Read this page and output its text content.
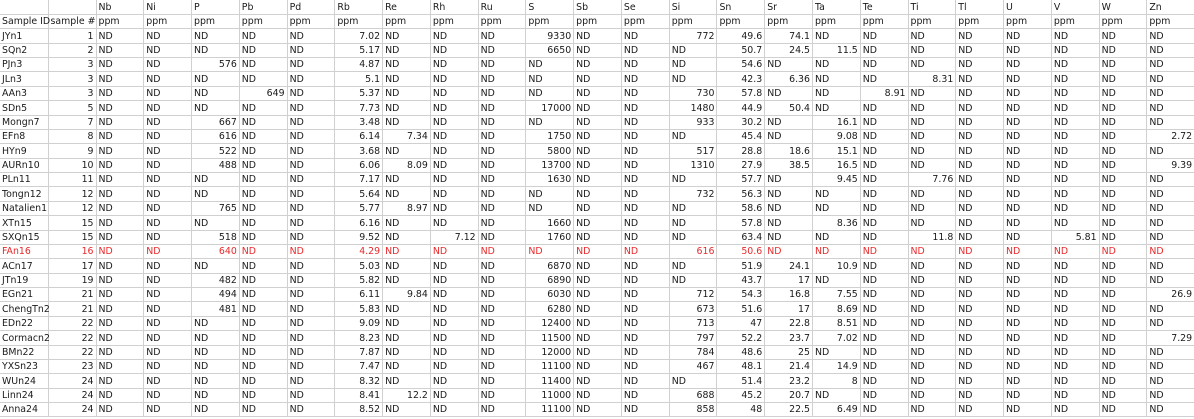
		Nb	Ni	P	Pb	Pd	Rb	Re	Rh	Ru	S	Sb	Se	Si	Sn	Sr	Ta	Te	Ti	Tl	U	V	W	Zn
Sample ID	sample #	ppm	ppm	ppm	ppm	ppm	ppm	ppm	ppm	ppm	ppm	ppm	ppm	ppm	ppm	ppm	ppm	ppm	ppm	ppm	ppm	ppm	ppm	ppm
JYn1	1	ND	ND	ND	ND	ND	7.02	ND	ND	ND	9330	ND	ND	772	49.6	74.1	ND	ND	ND	ND	ND	ND	ND	ND
SQn2	2	ND	ND	ND	ND	ND	5.17	ND	ND	ND	6650	ND	ND	ND	50.7	24.5	11.5	ND	ND	ND	ND	ND	ND	ND
PJn3	3	ND	ND	576	ND	ND	4.87	ND	ND	ND	ND	ND	ND	ND	54.6	ND	ND	ND	ND	ND	ND	ND	ND	ND
JLn3	3	ND	ND	ND	ND	ND	5.1	ND	ND	ND	ND	ND	ND	ND	42.3	6.36	ND	ND	8.31	ND	ND	ND	ND	ND
AAn3	3	ND	ND	ND	649	ND	5.37	ND	ND	ND	ND	ND	ND	730	57.8	ND	ND	8.91	ND	ND	ND	ND	ND	ND
SDn5	5	ND	ND	ND	ND	ND	7.73	ND	ND	ND	17000	ND	ND	1480	44.9	50.4	ND	ND	ND	ND	ND	ND	ND	ND
Mongn7	7	ND	ND	667	ND	ND	3.48	ND	ND	ND	ND	ND	ND	933	30.2	ND	16.1	ND	ND	ND	ND	ND	ND	ND
EFn8	8	ND	ND	616	ND	ND	6.14	7.34	ND	ND	1750	ND	ND	ND	45.4	ND	9.08	ND	ND	ND	ND	ND	ND	2.72
HYn9	9	ND	ND	522	ND	ND	3.68	ND	ND	ND	5800	ND	ND	517	28.8	18.6	15.1	ND	ND	ND	ND	ND	ND	ND
AURn10	10	ND	ND	488	ND	ND	6.06	8.09	ND	ND	13700	ND	ND	1310	27.9	38.5	16.5	ND	ND	ND	ND	ND	ND	9.39
PLn11	11	ND	ND	ND	ND	ND	7.17	ND	ND	ND	1630	ND	ND	ND	57.7	ND	9.45	ND	7.76	ND	ND	ND	ND	ND
Tongn12	12	ND	ND	ND	ND	ND	5.64	ND	ND	ND	ND	ND	ND	732	56.3	ND	ND	ND	ND	ND	ND	ND	ND	ND
Natalien1	12	ND	ND	765	ND	ND	5.77	8.97	ND	ND	ND	ND	ND	ND	58.6	ND	ND	ND	ND	ND	ND	ND	ND	ND
XTn15	15	ND	ND	ND	ND	ND	6.16	ND	ND	ND	1660	ND	ND	ND	57.8	ND	8.36	ND	ND	ND	ND	ND	ND	ND
SXQn15	15	ND	ND	518	ND	ND	9.52	ND	7.12	ND	1760	ND	ND	ND	63.4	ND	ND	ND	11.8	ND	ND	5.81	ND	ND
FAn16	16	ND	ND	640	ND	ND	4.29	ND	ND	ND	ND	ND	ND	616	50.6	ND	ND	ND	ND	ND	ND	ND	ND	ND
ACn17	17	ND	ND	ND	ND	ND	5.03	ND	ND	ND	6870	ND	ND	ND	51.9	24.1	10.9	ND	ND	ND	ND	ND	ND	ND
JTn19	19	ND	ND	482	ND	ND	5.82	ND	ND	ND	6890	ND	ND	ND	43.7	17	ND	ND	ND	ND	ND	ND	ND	ND
EGn21	21	ND	ND	494	ND	ND	6.11	9.84	ND	ND	6030	ND	ND	712	54.3	16.8	7.55	ND	ND	ND	ND	ND	ND	26.9
ChengTn2	21	ND	ND	481	ND	ND	5.83	ND	ND	ND	6280	ND	ND	673	51.6	17	8.69	ND	ND	ND	ND	ND	ND	ND
EDn22	22	ND	ND	ND	ND	ND	9.09	ND	ND	ND	12400	ND	ND	713	47	22.8	8.51	ND	ND	ND	ND	ND	ND	ND
Cormacn2	22	ND	ND	ND	ND	ND	8.23	ND	ND	ND	11500	ND	ND	797	52.2	23.7	7.02	ND	ND	ND	ND	ND	ND	7.29
BMn22	22	ND	ND	ND	ND	ND	7.87	ND	ND	ND	12000	ND	ND	784	48.6	25	ND	ND	ND	ND	ND	ND	ND	ND
YXSn23	23	ND	ND	ND	ND	ND	7.47	ND	ND	ND	11100	ND	ND	467	48.1	21.4	14.9	ND	ND	ND	ND	ND	ND	ND
WUn24	24	ND	ND	ND	ND	ND	8.32	ND	ND	ND	11400	ND	ND	ND	51.4	23.2	8	ND	ND	ND	ND	ND	ND	ND
Linn24	24	ND	ND	ND	ND	ND	8.41	12.2	ND	ND	11000	ND	ND	688	45.2	20.7	ND	ND	ND	ND	ND	ND	ND	ND
Anna24	24	ND	ND	ND	ND	ND	8.52	ND	ND	ND	11100	ND	ND	858	48	22.5	6.49	ND	ND	ND	ND	ND	ND	ND
